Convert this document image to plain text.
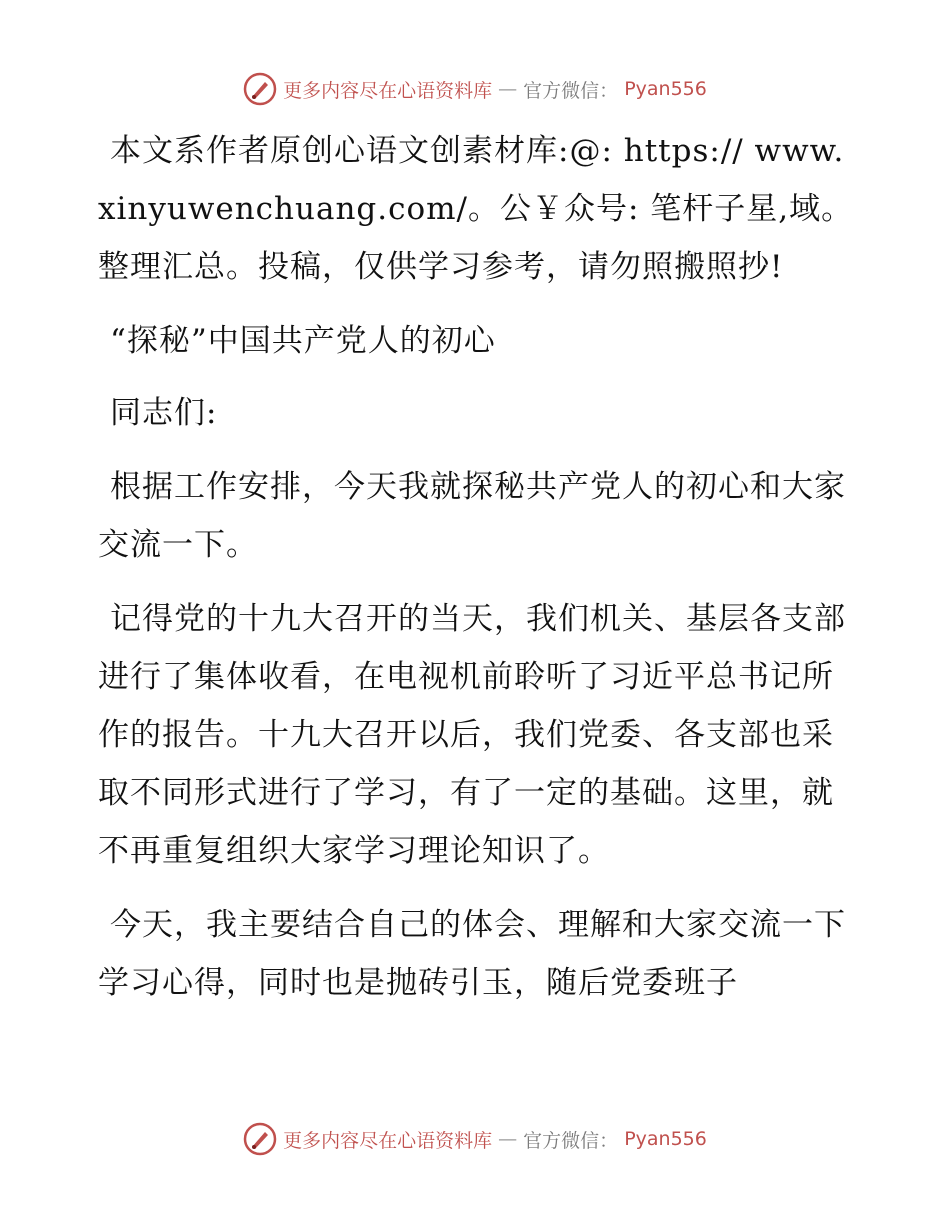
更多内容尽在心语资料库 — 官方微信： Pyan556

本文系作者原创心语文创素材库:@: https:// www.xinyuwenchuang.com/。公￥众号: 笔杆子星,域。整理汇总。投稿，仅供学习参考，请勿照搬照抄!

“探秘”中国共产党人的初心

同志们:

根据工作安排，今天我就探秘共产党人的初心和大家交流一下。

记得党的十九大召开的当天，我们机关、基层各支部进行了集体收看，在电视机前聆听了习近平总书记所作的报告。十九大召开以后，我们党委、各支部也采取不同形式进行了学习，有了一定的基础。这里，就不再重复组织大家学习理论知识了。

今天，我主要结合自己的体会、理解和大家交流一下学习心得，同时也是抛砖引玉，随后党委班子

更多内容尽在心语资料库 — 官方微信： Pyan556
